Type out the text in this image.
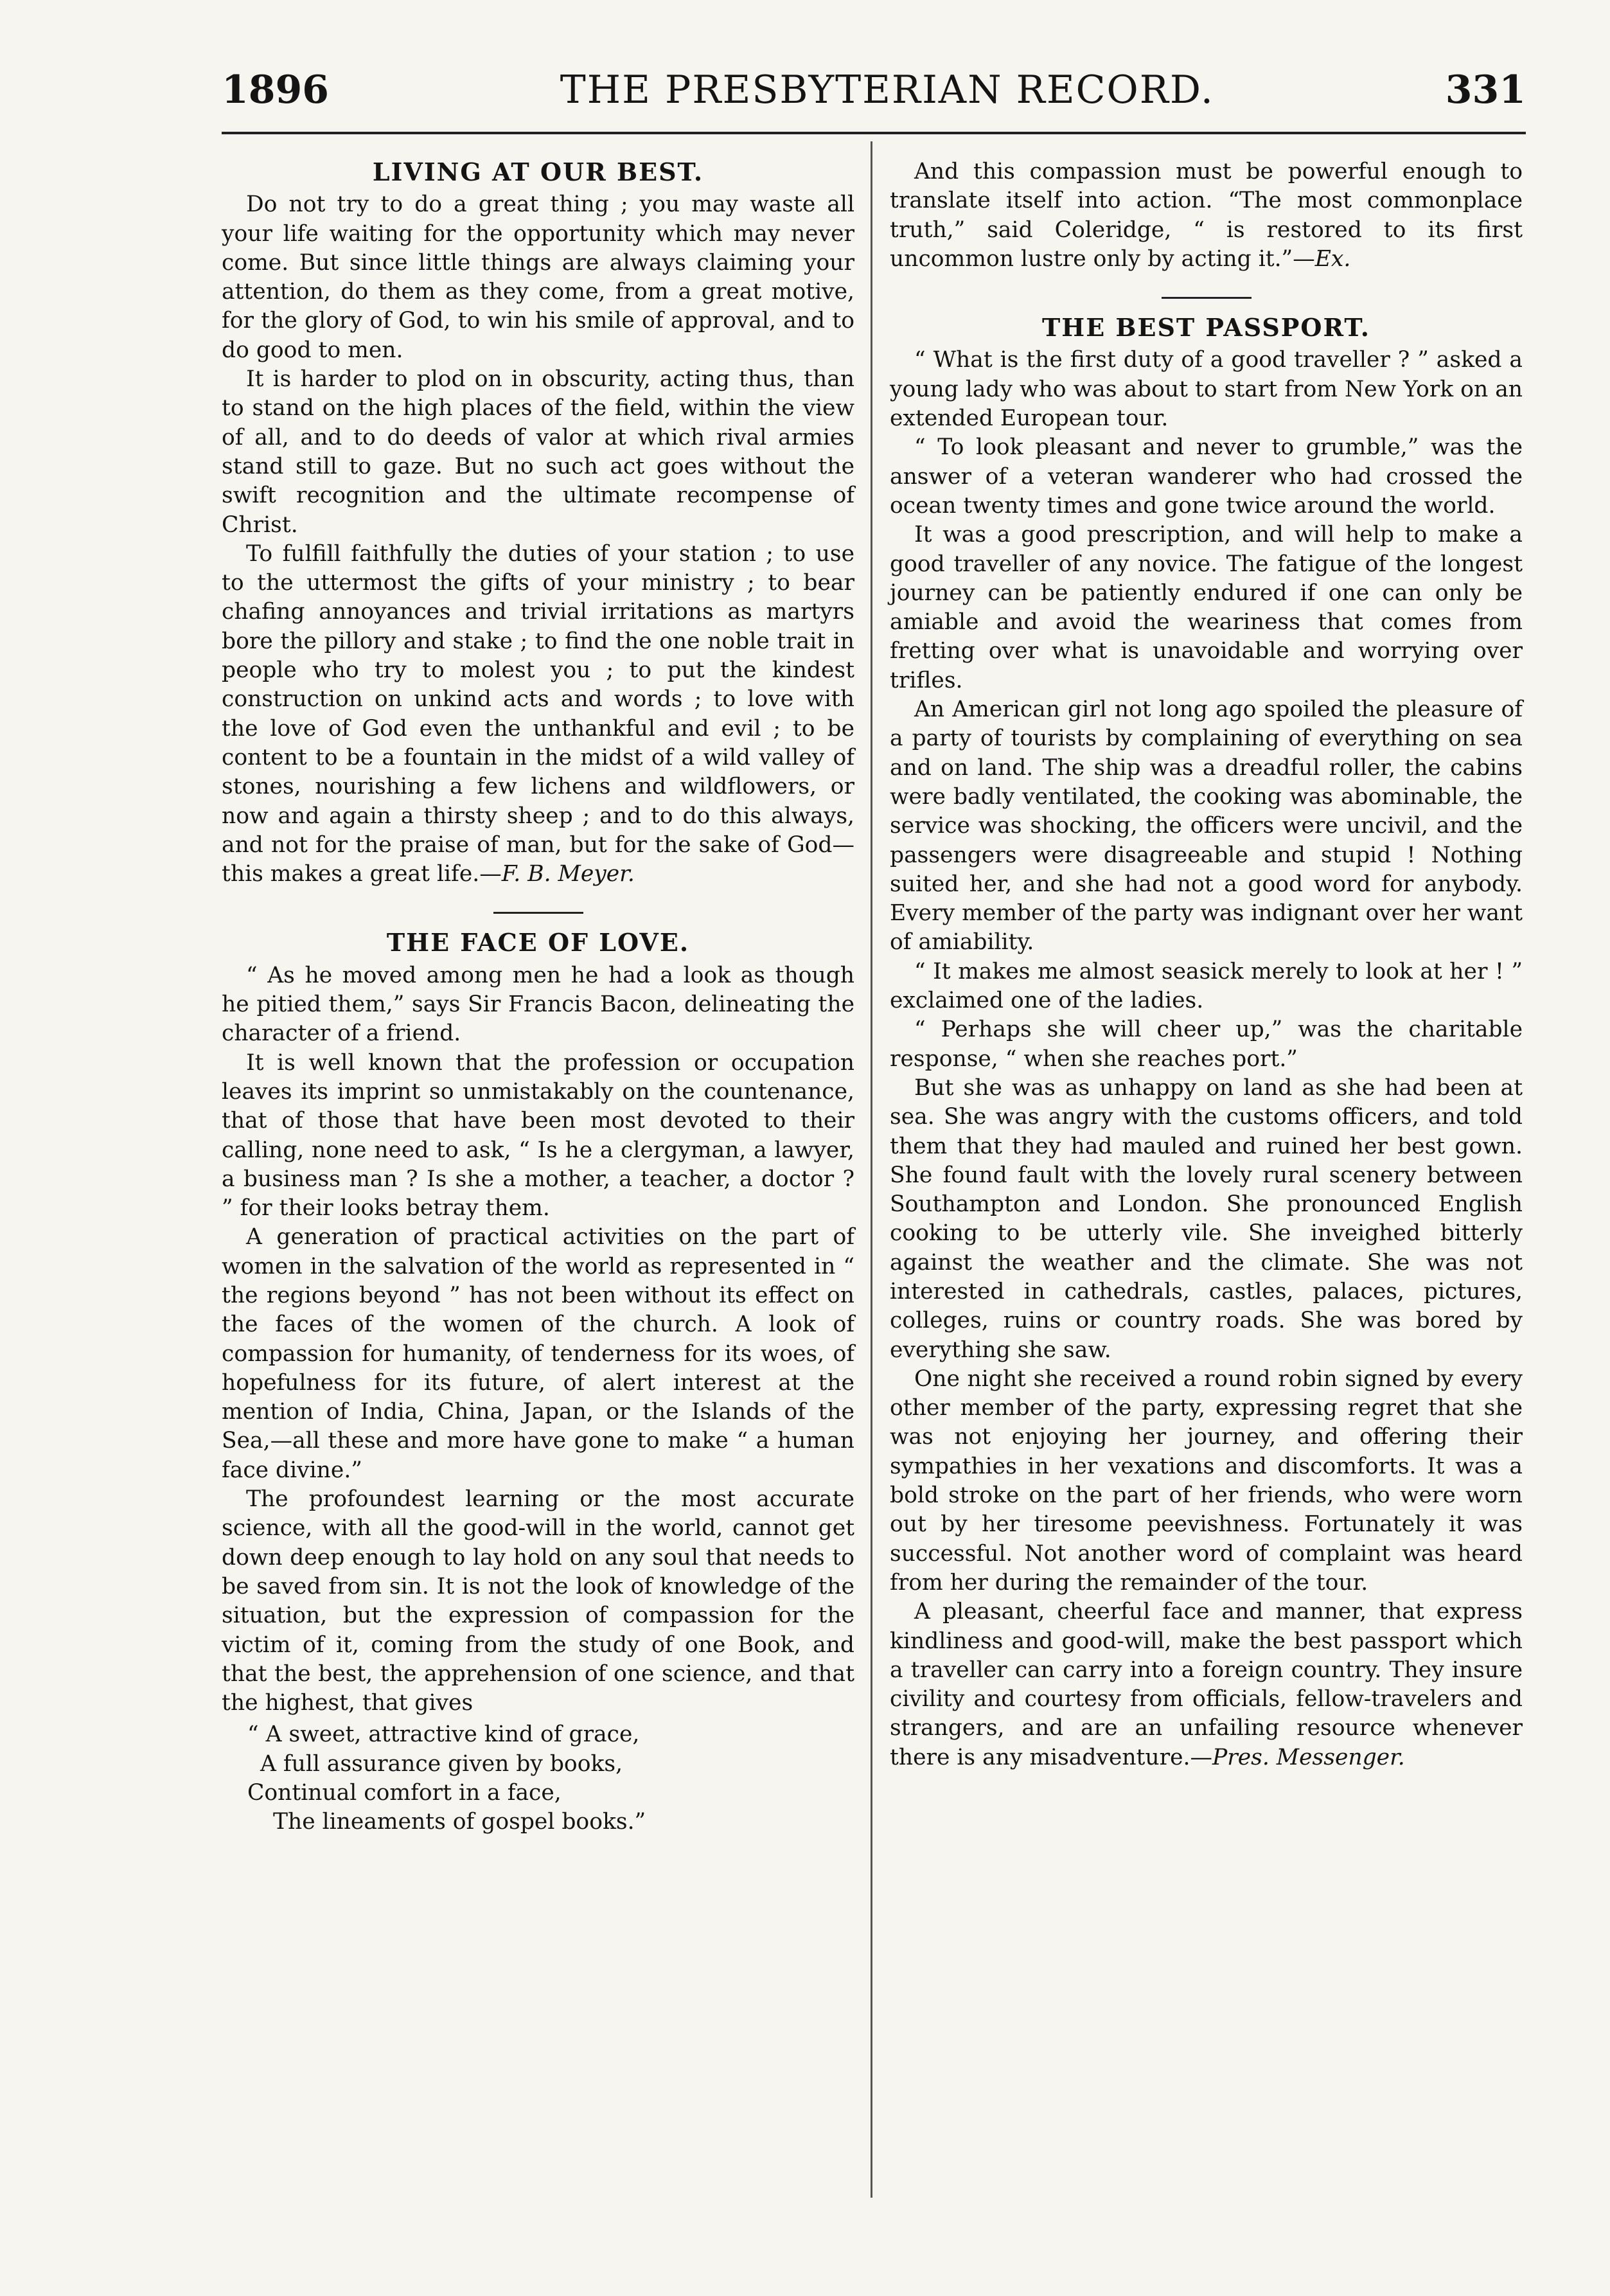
1896	THE PRESBYTERIAN RECORD.	331
LIVING AT OUR BEST.

Do not try to do a great thing ; you may waste all your life waiting for the opportunity which may never come. But since little things are always claiming your attention, do them as they come, from a great motive, for the glory of God, to win his smile of approval, and to do good to men.

It is harder to plod on in obscurity, acting thus, than to stand on the high places of the field, within the view of all, and to do deeds of valor at which rival armies stand still to gaze. But no such act goes without the swift recognition and the ultimate recompense of Christ.

To fulfill faithfully the duties of your station ; to use to the uttermost the gifts of your ministry ; to bear chafing annoyances and trivial irritations as martyrs bore the pillory and stake ; to find the one noble trait in people who try to molest you ; to put the kindest construction on unkind acts and words ; to love with the love of God even the unthankful and evil ; to be content to be a fountain in the midst of a wild valley of stones, nourishing a few lichens and wildflowers, or now and again a thirsty sheep ; and to do this always, and not for the praise of man, but for the sake of God—this makes a great life.—F. B. Meyer.

THE FACE OF LOVE.

“ As he moved among men he had a look as though he pitied them,” says Sir Francis Bacon, delineating the character of a friend.

It is well known that the profession or occupation leaves its imprint so unmistakably on the countenance, that of those that have been most devoted to their calling, none need to ask, “ Is he a clergyman, a lawyer, a business man ? Is she a mother, a teacher, a doctor ? ” for their looks betray them.

A generation of practical activities on the part of women in the salvation of the world as represented in “ the regions beyond ” has not been without its effect on the faces of the women of the church. A look of compassion for humanity, of tenderness for its woes, of hopefulness for its future, of alert interest at the mention of India, China, Japan, or the Islands of the Sea,—all these and more have gone to make “ a human face divine.”

The profoundest learning or the most accurate science, with all the good-will in the world, cannot get down deep enough to lay hold on any soul that needs to be saved from sin. It is not the look of knowledge of the situation, but the expression of compassion for the victim of it, coming from the study of one Book, and that the best, the apprehension of one science, and that the highest, that gives

“ A sweet, attractive kind of grace,
A full assurance given by books,
Continual comfort in a face,
The lineaments of gospel books.”

And this compassion must be powerful enough to translate itself into action. “The most commonplace truth,” said Coleridge, “ is restored to its first uncommon lustre only by acting it.”—Ex.

THE BEST PASSPORT.

“ What is the first duty of a good traveller ? ” asked a young lady who was about to start from New York on an extended European tour.

“ To look pleasant and never to grumble,” was the answer of a veteran wanderer who had crossed the ocean twenty times and gone twice around the world.

It was a good prescription, and will help to make a good traveller of any novice. The fatigue of the longest journey can be patiently endured if one can only be amiable and avoid the weariness that comes from fretting over what is unavoidable and worrying over trifles.

An American girl not long ago spoiled the pleasure of a party of tourists by complaining of everything on sea and on land. The ship was a dreadful roller, the cabins were badly ventilated, the cooking was abominable, the service was shocking, the officers were uncivil, and the passengers were disagreeable and stupid ! Nothing suited her, and she had not a good word for anybody. Every member of the party was indignant over her want of amiability.

“ It makes me almost seasick merely to look at her ! ” exclaimed one of the ladies.

“ Perhaps she will cheer up,” was the charitable response, “ when she reaches port.”

But she was as unhappy on land as she had been at sea. She was angry with the customs officers, and told them that they had mauled and ruined her best gown. She found fault with the lovely rural scenery between Southampton and London. She pronounced English cooking to be utterly vile. She inveighed bitterly against the weather and the climate. She was not interested in cathedrals, castles, palaces, pictures, colleges, ruins or country roads. She was bored by everything she saw.

One night she received a round robin signed by every other member of the party, expressing regret that she was not enjoying her journey, and offering their sympathies in her vexations and discomforts. It was a bold stroke on the part of her friends, who were worn out by her tiresome peevishness. Fortunately it was successful. Not another word of complaint was heard from her during the remainder of the tour.

A pleasant, cheerful face and manner, that express kindliness and good-will, make the best passport which a traveller can carry into a foreign country. They insure civility and courtesy from officials, fellow-travelers and strangers, and are an unfailing resource whenever there is any misadventure.—Pres. Messenger.
